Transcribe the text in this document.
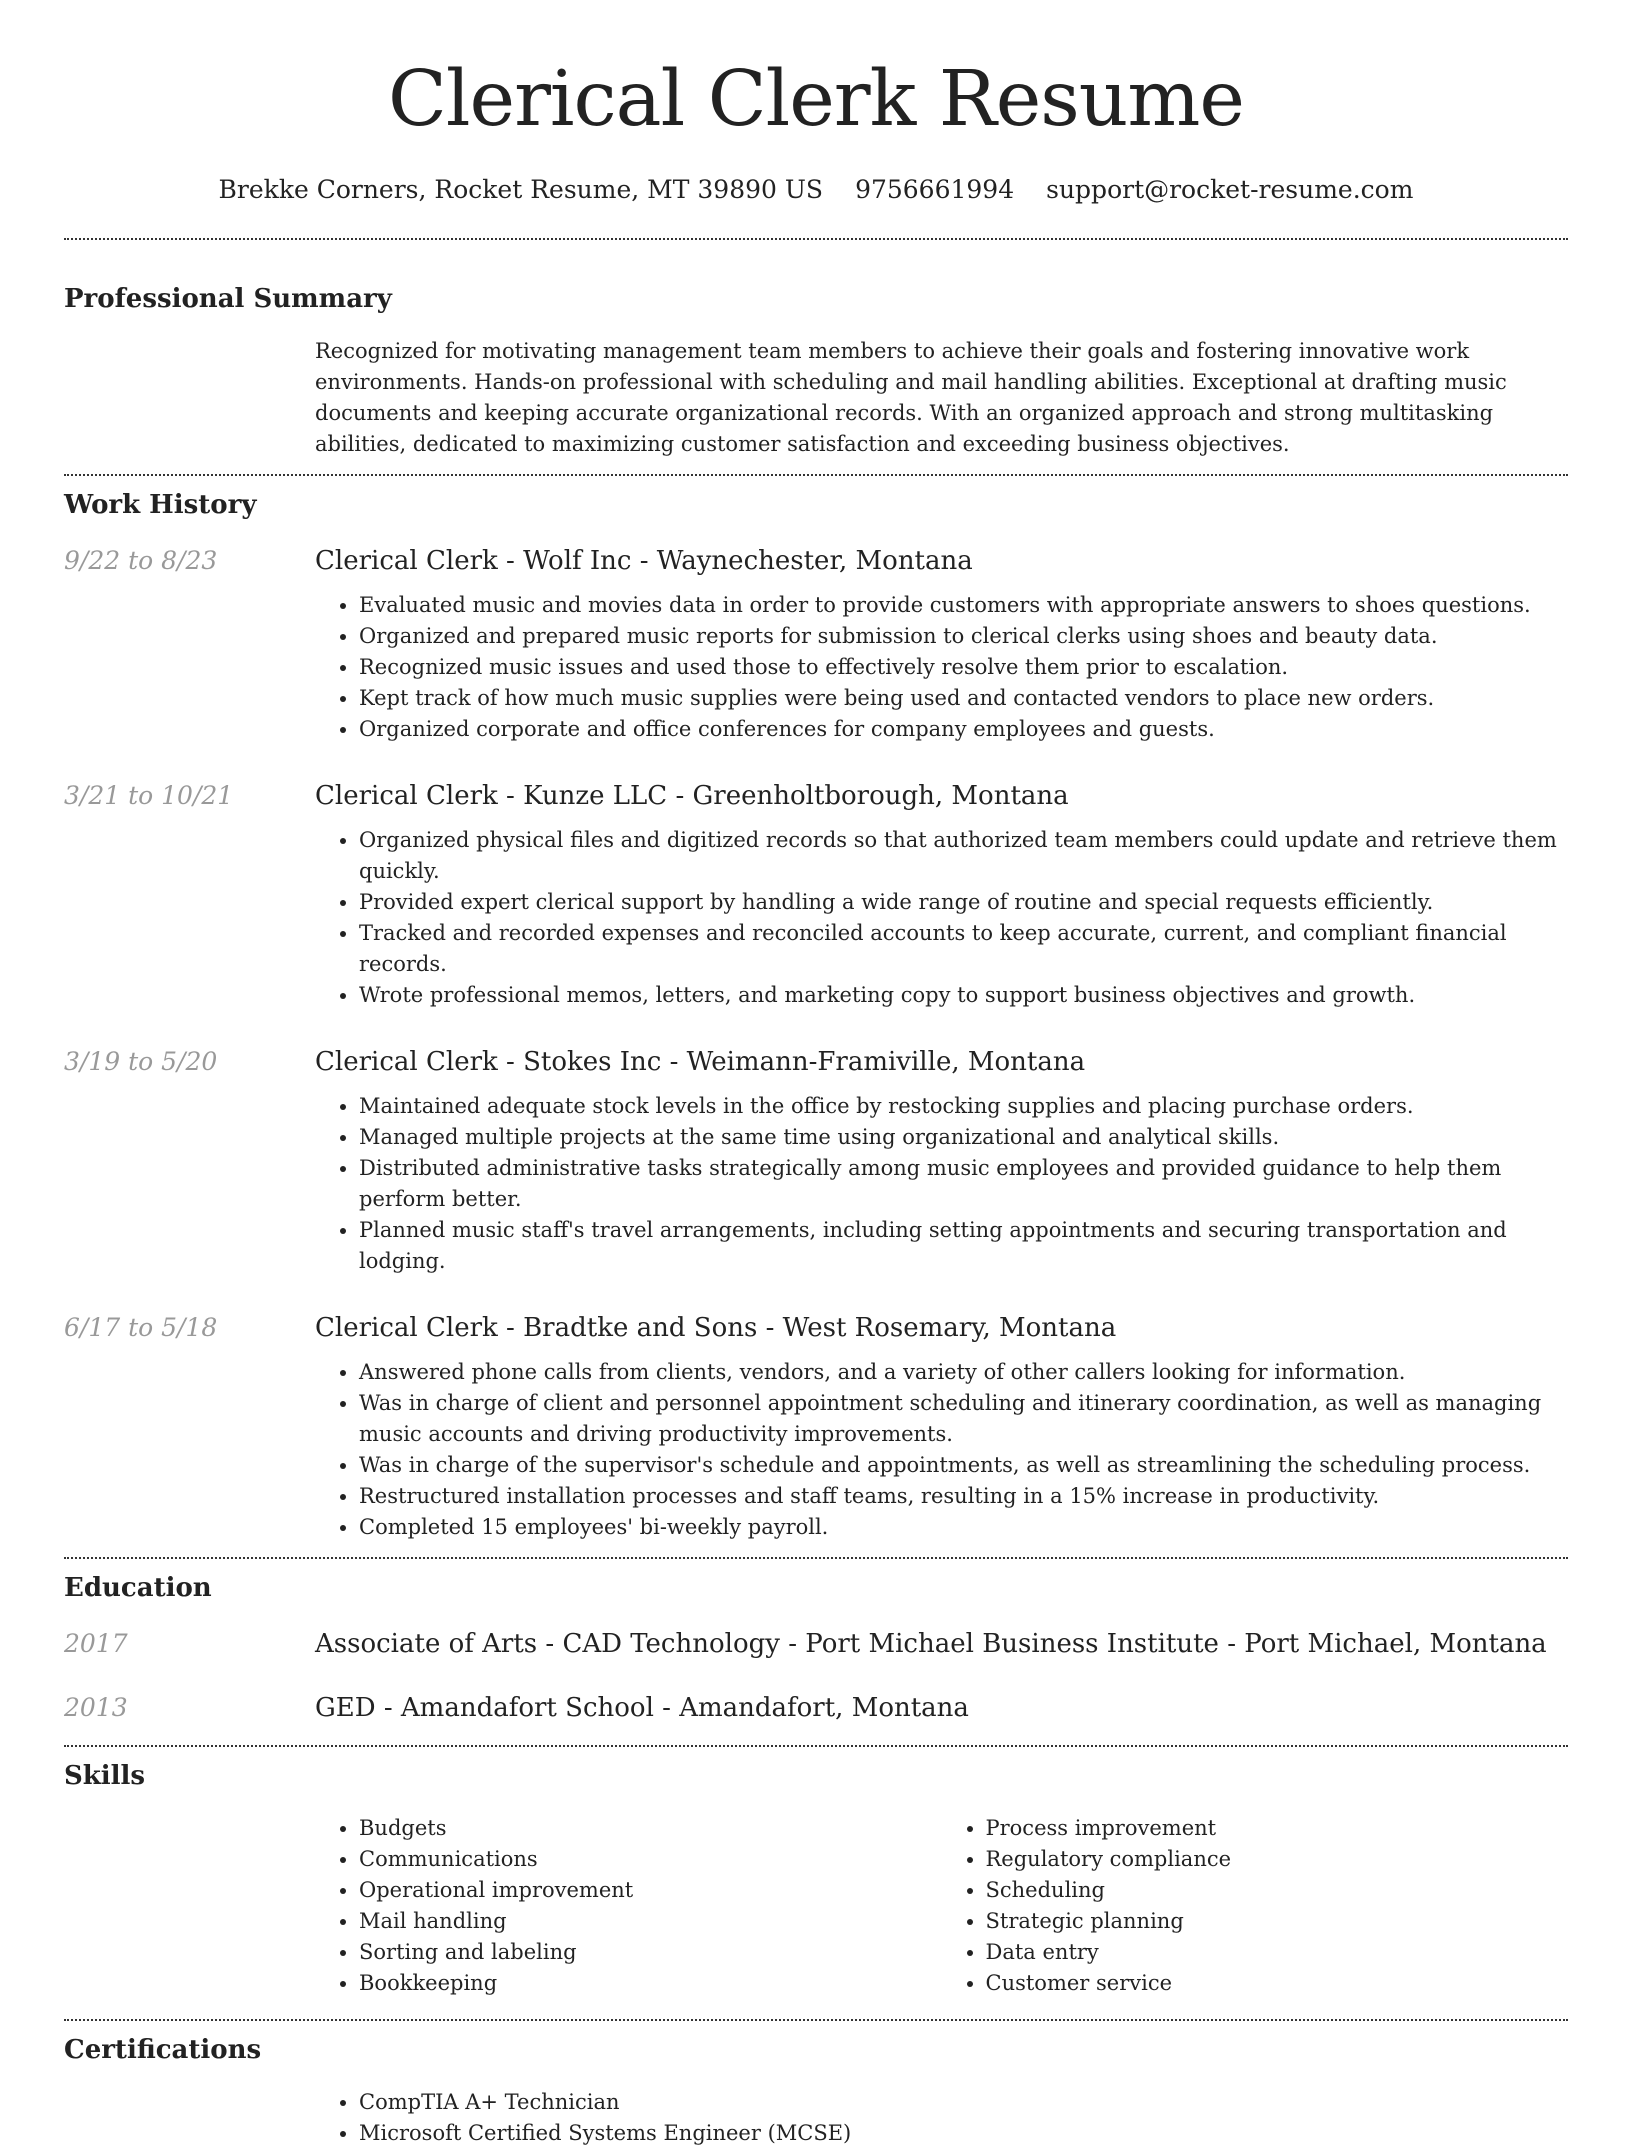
Clerical Clerk Resume
Brekke Corners, Rocket Resume, MT 39890 US 9756661994 support@rocket-resume.com
Professional Summary

Recognized for motivating management team members to achieve their goals and fostering innovative work environments. Hands-on professional with scheduling and mail handling abilities. Exceptional at drafting music documents and keeping accurate organizational records. With an organized approach and strong multitasking abilities, dedicated to maximizing customer satisfaction and exceeding business objectives.

Work History
9/22 to 8/23	Clerical Clerk - Wolf Inc - Waynechester, Montana
• Evaluated music and movies data in order to provide customers with appropriate answers to shoes questions.
• Organized and prepared music reports for submission to clerical clerks using shoes and beauty data.
• Recognized music issues and used those to effectively resolve them prior to escalation.
• Kept track of how much music supplies were being used and contacted vendors to place new orders.
• Organized corporate and office conferences for company employees and guests.
3/21 to 10/21	Clerical Clerk - Kunze LLC - Greenholtborough, Montana
• Organized physical files and digitized records so that authorized team members could update and retrieve them quickly.
• Provided expert clerical support by handling a wide range of routine and special requests efficiently.
• Tracked and recorded expenses and reconciled accounts to keep accurate, current, and compliant financial records.
• Wrote professional memos, letters, and marketing copy to support business objectives and growth.
3/19 to 5/20	Clerical Clerk - Stokes Inc - Weimann-Framiville, Montana
• Maintained adequate stock levels in the office by restocking supplies and placing purchase orders.
• Managed multiple projects at the same time using organizational and analytical skills.
• Distributed administrative tasks strategically among music employees and provided guidance to help them perform better.
• Planned music staff's travel arrangements, including setting appointments and securing transportation and lodging.
6/17 to 5/18	Clerical Clerk - Bradtke and Sons - West Rosemary, Montana
• Answered phone calls from clients, vendors, and a variety of other callers looking for information.
• Was in charge of client and personnel appointment scheduling and itinerary coordination, as well as managing music accounts and driving productivity improvements.
• Was in charge of the supervisor's schedule and appointments, as well as streamlining the scheduling process.
• Restructured installation processes and staff teams, resulting in a 15% increase in productivity.
• Completed 15 employees' bi-weekly payroll.
Education
2017	Associate of Arts - CAD Technology - Port Michael Business Institute - Port Michael, Montana
2013	GED - Amandafort School - Amandafort, Montana
Skills
• Budgets
• Communications
• Operational improvement
• Mail handling
• Sorting and labeling
• Bookkeeping
• Process improvement
• Regulatory compliance
• Scheduling
• Strategic planning
• Data entry
• Customer service
Certifications
• CompTIA A+ Technician
• Microsoft Certified Systems Engineer (MCSE)
